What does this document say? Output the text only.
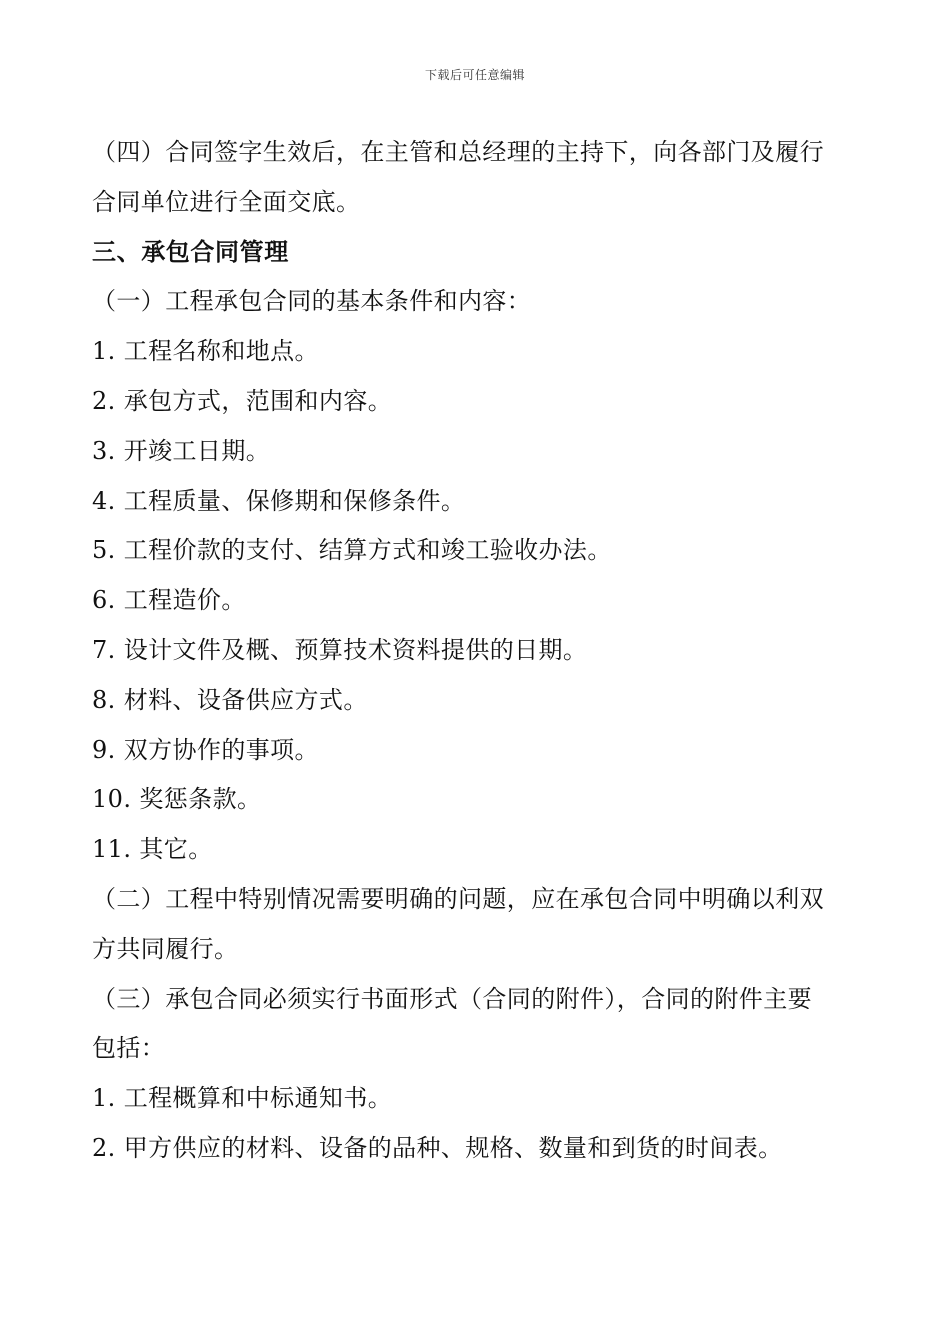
下载后可任意编辑
（四）合同签字生效后，在主管和总经理的主持下，向各部门及履行
合同单位进行全面交底。
三、承包合同管理
（一）工程承包合同的基本条件和内容：
1. 工程名称和地点。
2. 承包方式，范围和内容。
3. 开竣工日期。
4. 工程质量、保修期和保修条件。
5. 工程价款的支付、结算方式和竣工验收办法。
6. 工程造价。
7. 设计文件及概、预算技术资料提供的日期。
8. 材料、设备供应方式。
9. 双方协作的事项。
10. 奖惩条款。
11. 其它。
（二）工程中特别情况需要明确的问题，应在承包合同中明确以利双
方共同履行。
（三）承包合同必须实行书面形式（合同的附件），合同的附件主要
包括：
1. 工程概算和中标通知书。
2. 甲方供应的材料、设备的品种、规格、数量和到货的时间表。
